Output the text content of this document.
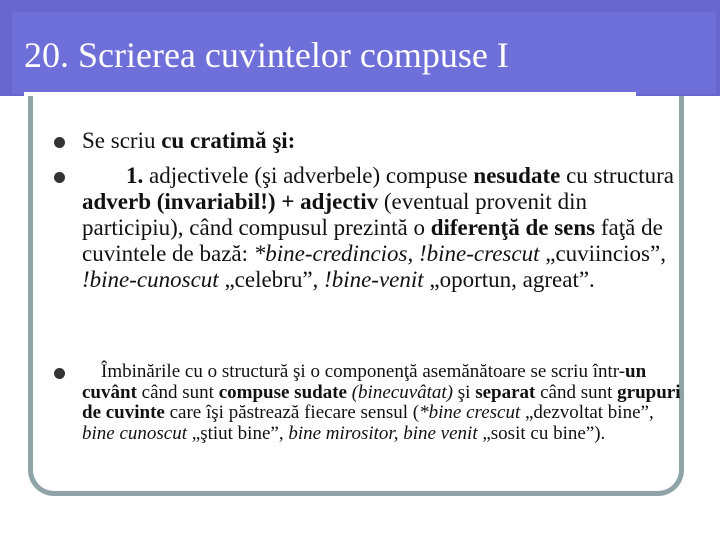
20. Scrierea cuvintelor compuse I
Se scriu cu cratimă şi:
1. adjectivele (şi adverbele) compuse nesudate cu structura adverb (invariabil!) + adjectiv (eventual provenit din participiu), când compusul prezintă o diferenţă de sens faţă de cuvintele de bază: *bine-credincios, !bine-crescut „cuviincios”, !bine-cunoscut „celebru”, !bine-venit „oportun, agreat”.
Îmbinările cu o structură şi o componenţă asemănătoare se scriu într-un cuvânt când sunt compuse sudate (binecuvâtat) şi separat când sunt grupuri de cuvinte care îşi păstrează fiecare sensul (*bine crescut „dezvoltat bine”, bine cunoscut „ştiut bine”, bine mirositor, bine venit „sosit cu bine”).
